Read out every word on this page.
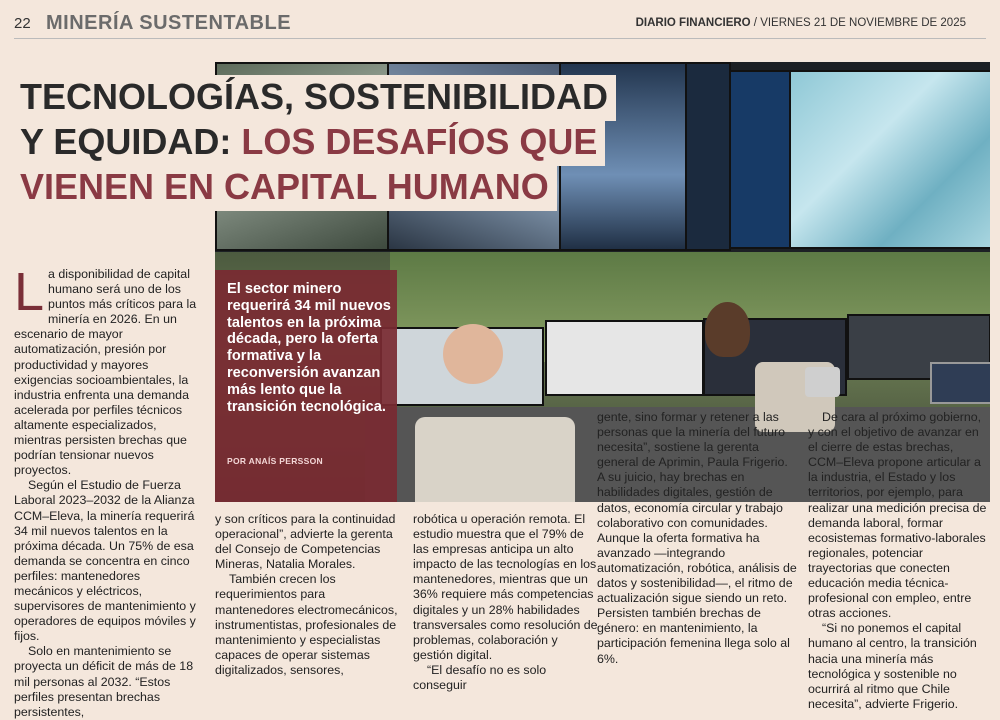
22 MINERÍA SUSTENTABLE	DIARIO FINANCIERO / VIERNES 21 DE NOVIEMBRE DE 2025
TECNOLOGÍAS, SOSTENIBILIDAD
Y EQUIDAD: LOS DESAFÍOS QUE
VIENEN EN CAPITAL HUMANO
El sector minero requerirá 34 mil nuevos talentos en la próxima década, pero la oferta formativa y la reconversión avanzan más lento que la transición tecnológica.
POR ANAÍS PERSSON
L a disponibilidad de capital humano será uno de los puntos más críticos para la minería en 2026. En un escenario de mayor automatización, presión por productividad y mayores exigencias socioambientales, la industria enfrenta una demanda acelerada por perfiles técnicos altamente especializados, mientras persisten brechas que podrían tensionar nuevos proyectos.

Según el Estudio de Fuerza Laboral 2023–2032 de la Alianza CCM–Eleva, la minería requerirá 34 mil nuevos talentos en la próxima década. Un 75% de esa demanda se concentra en cinco perfiles: mantenedores mecánicos y eléctricos, supervisores de mantenimiento y operadores de equipos móviles y fijos.

Solo en mantenimiento se proyecta un déficit de más de 18 mil personas al 2032. “Estos perfiles presentan brechas persistentes,

y son críticos para la continuidad operacional”, advierte la gerenta del Consejo de Competencias Mineras, Natalia Morales.

También crecen los requerimientos para mantenedores electromecánicos, instrumentistas, profesionales de mantenimiento y especialistas capaces de operar sistemas digitalizados, sensores,

robótica u operación remota. El estudio muestra que el 79% de las empresas anticipa un alto impacto de las tecnologías en los mantenedores, mientras que un 36% requiere más competencias digitales y un 28% habilidades transversales como resolución de problemas, colaboración y gestión digital.

“El desafío no es solo conseguir

gente, sino formar y retener a las personas que la minería del futuro necesita”, sostiene la gerenta general de Aprimin, Paula Frigerio. A su juicio, hay brechas en habilidades digitales, gestión de datos, economía circular y trabajo colaborativo con comunidades. Aunque la oferta formativa ha avanzado —integrando automatización, robótica, análisis de datos y sostenibilidad—, el ritmo de actualización sigue siendo un reto. Persisten también brechas de género: en mantenimiento, la participación femenina llega solo al 6%.

De cara al próximo gobierno, y con el objetivo de avanzar en el cierre de estas brechas, CCM–Eleva propone articular a la industria, el Estado y los territorios, por ejemplo, para realizar una medición precisa de demanda laboral, formar ecosistemas formativo-laborales regionales, potenciar trayectorias que conecten educación media técnica-profesional con empleo, entre otras acciones.

“Si no ponemos el capital humano al centro, la transición hacia una minería más tecnológica y sostenible no ocurrirá al ritmo que Chile necesita”, advierte Frigerio.
